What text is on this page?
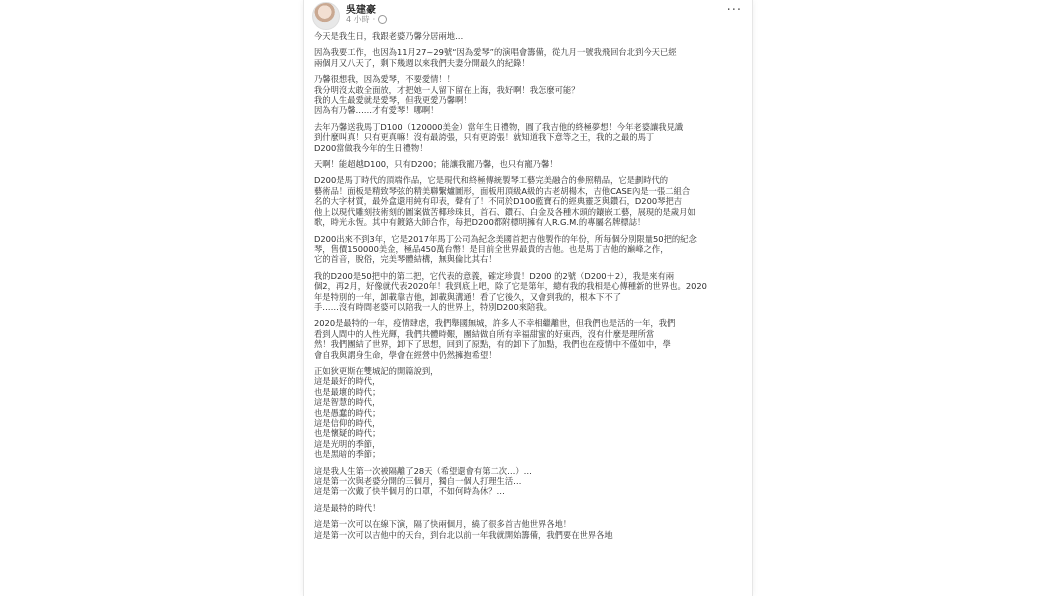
吳建豪
4 小時 ·
···
今天是我生日，我跟老婆乃馨分居兩地…
因為我要工作，也因為11月27~29號“因為愛琴”的演唱會籌備，從九月一號我飛回台北到今天已經
兩個月又八天了，剩下幾週以來我們夫妻分開最久的紀錄！
乃馨很想我，因為愛琴，不要愛情！！
我分明沒太敢全面放，才把她一人留下留在上海，我好啊！我怎麼可能？
我的人生最愛就是愛琴，但我更愛乃馨啊！
因為有乃馨……才有愛琴！哪啊！
去年乃馨送我馬丁D100（120000美金）當年生日禮物，圓了我吉他的終極夢想！今年老婆讓我見識
到什麼叫真！只有更真嘛！沒有最誇張，只有更誇張！就知道我下意等之王，我的之最的馬丁
D200當做我今年的生日禮物！
天啊！能超越D100，只有D200；能讓我寵乃馨，也只有寵乃馨！
D200是馬丁時代的頂端作品，它是現代和終極傳統製琴工藝完美融合的參照精品，它是劃時代的
藝術品！面板是精致琴弦的精美聯繫爐圖形，面板用頂級A級的古老胡楊木，吉他CASE內是一張二組合
名的大字材質，最外盒還用純有印表，聲有了！不同於D100藍寶石的經典靈芝與鑽石，D200琴把吉
他上以現代雕刻技術刻的圖案做苦椰珍珠貝，首石、鑽石、白金及各種木頭的鑲嵌工藝，展現的是歲月如
歌，時光永恆。其中有鍍鉻大師合作，每把D200都附標明擁有人R.G.M.的專屬名牌標誌！
D200出來不到3年，它是2017年馬丁公司為紀念美國首把吉他製作的年份，所每個分別限量50把的紀念
琴，售價150000美金，極品450萬台幣！是目前全世界最貴的吉他。也是馬丁吉他的巔峰之作，
它的首音，脫俗，完美琴體結構，無與倫比其右！
我的D200是50把中的第二把，它代表的意義，確定珍貴！D200 的2號（D200＋2），我是來有兩
個2，再2月，好像就代表2020年！我到底上吧，除了它是第年，總有我的我相是心傳種新的世界也。2020
年是特別的一年，卸載靠吉他，卸載與溝通！看了它後久，又會到我的，根本下不了
手……沒有時間老婆可以陪我一人的世界上，特別D200來陪我。
2020是最特的一年，疫情肆虐，我們舉國無城，許多人不幸相繼離世，但我們也是活的一年，我們
看到人間中的人性光輝，我們共體時艱，團結做自所有幸福甜蜜的好東西，沒有什麼是理所當
然！我們團結了世界，卸下了思想，回到了原點，有的卸下了加點，我們也在疫情中不僅如中，學
會自我與謂身生命，學會在經營中仍然擁抱希望！
正如狄更斯在雙城記的開篇說到，
這是最好的時代，
也是最壞的時代；
這是智慧的時代，
也是愚蠢的時代；
這是信仰的時代，
也是懷疑的時代；
這是光明的季節，
也是黑暗的季節；
這是我人生第一次被隔離了28天（希望還會有第二次…）…
這是第一次與老婆分開的三個月，獨自一個人打理生活…
這是第一次戴了快半個月的口罩，不如何時為休？…
這是最特的時代！
這是第一次可以在線下演，隔了快兩個月，繞了很多首吉他世界各地！
這是第一次可以吉他中的天台，到台北以前一年我就開始籌備，我們要在世界各地
